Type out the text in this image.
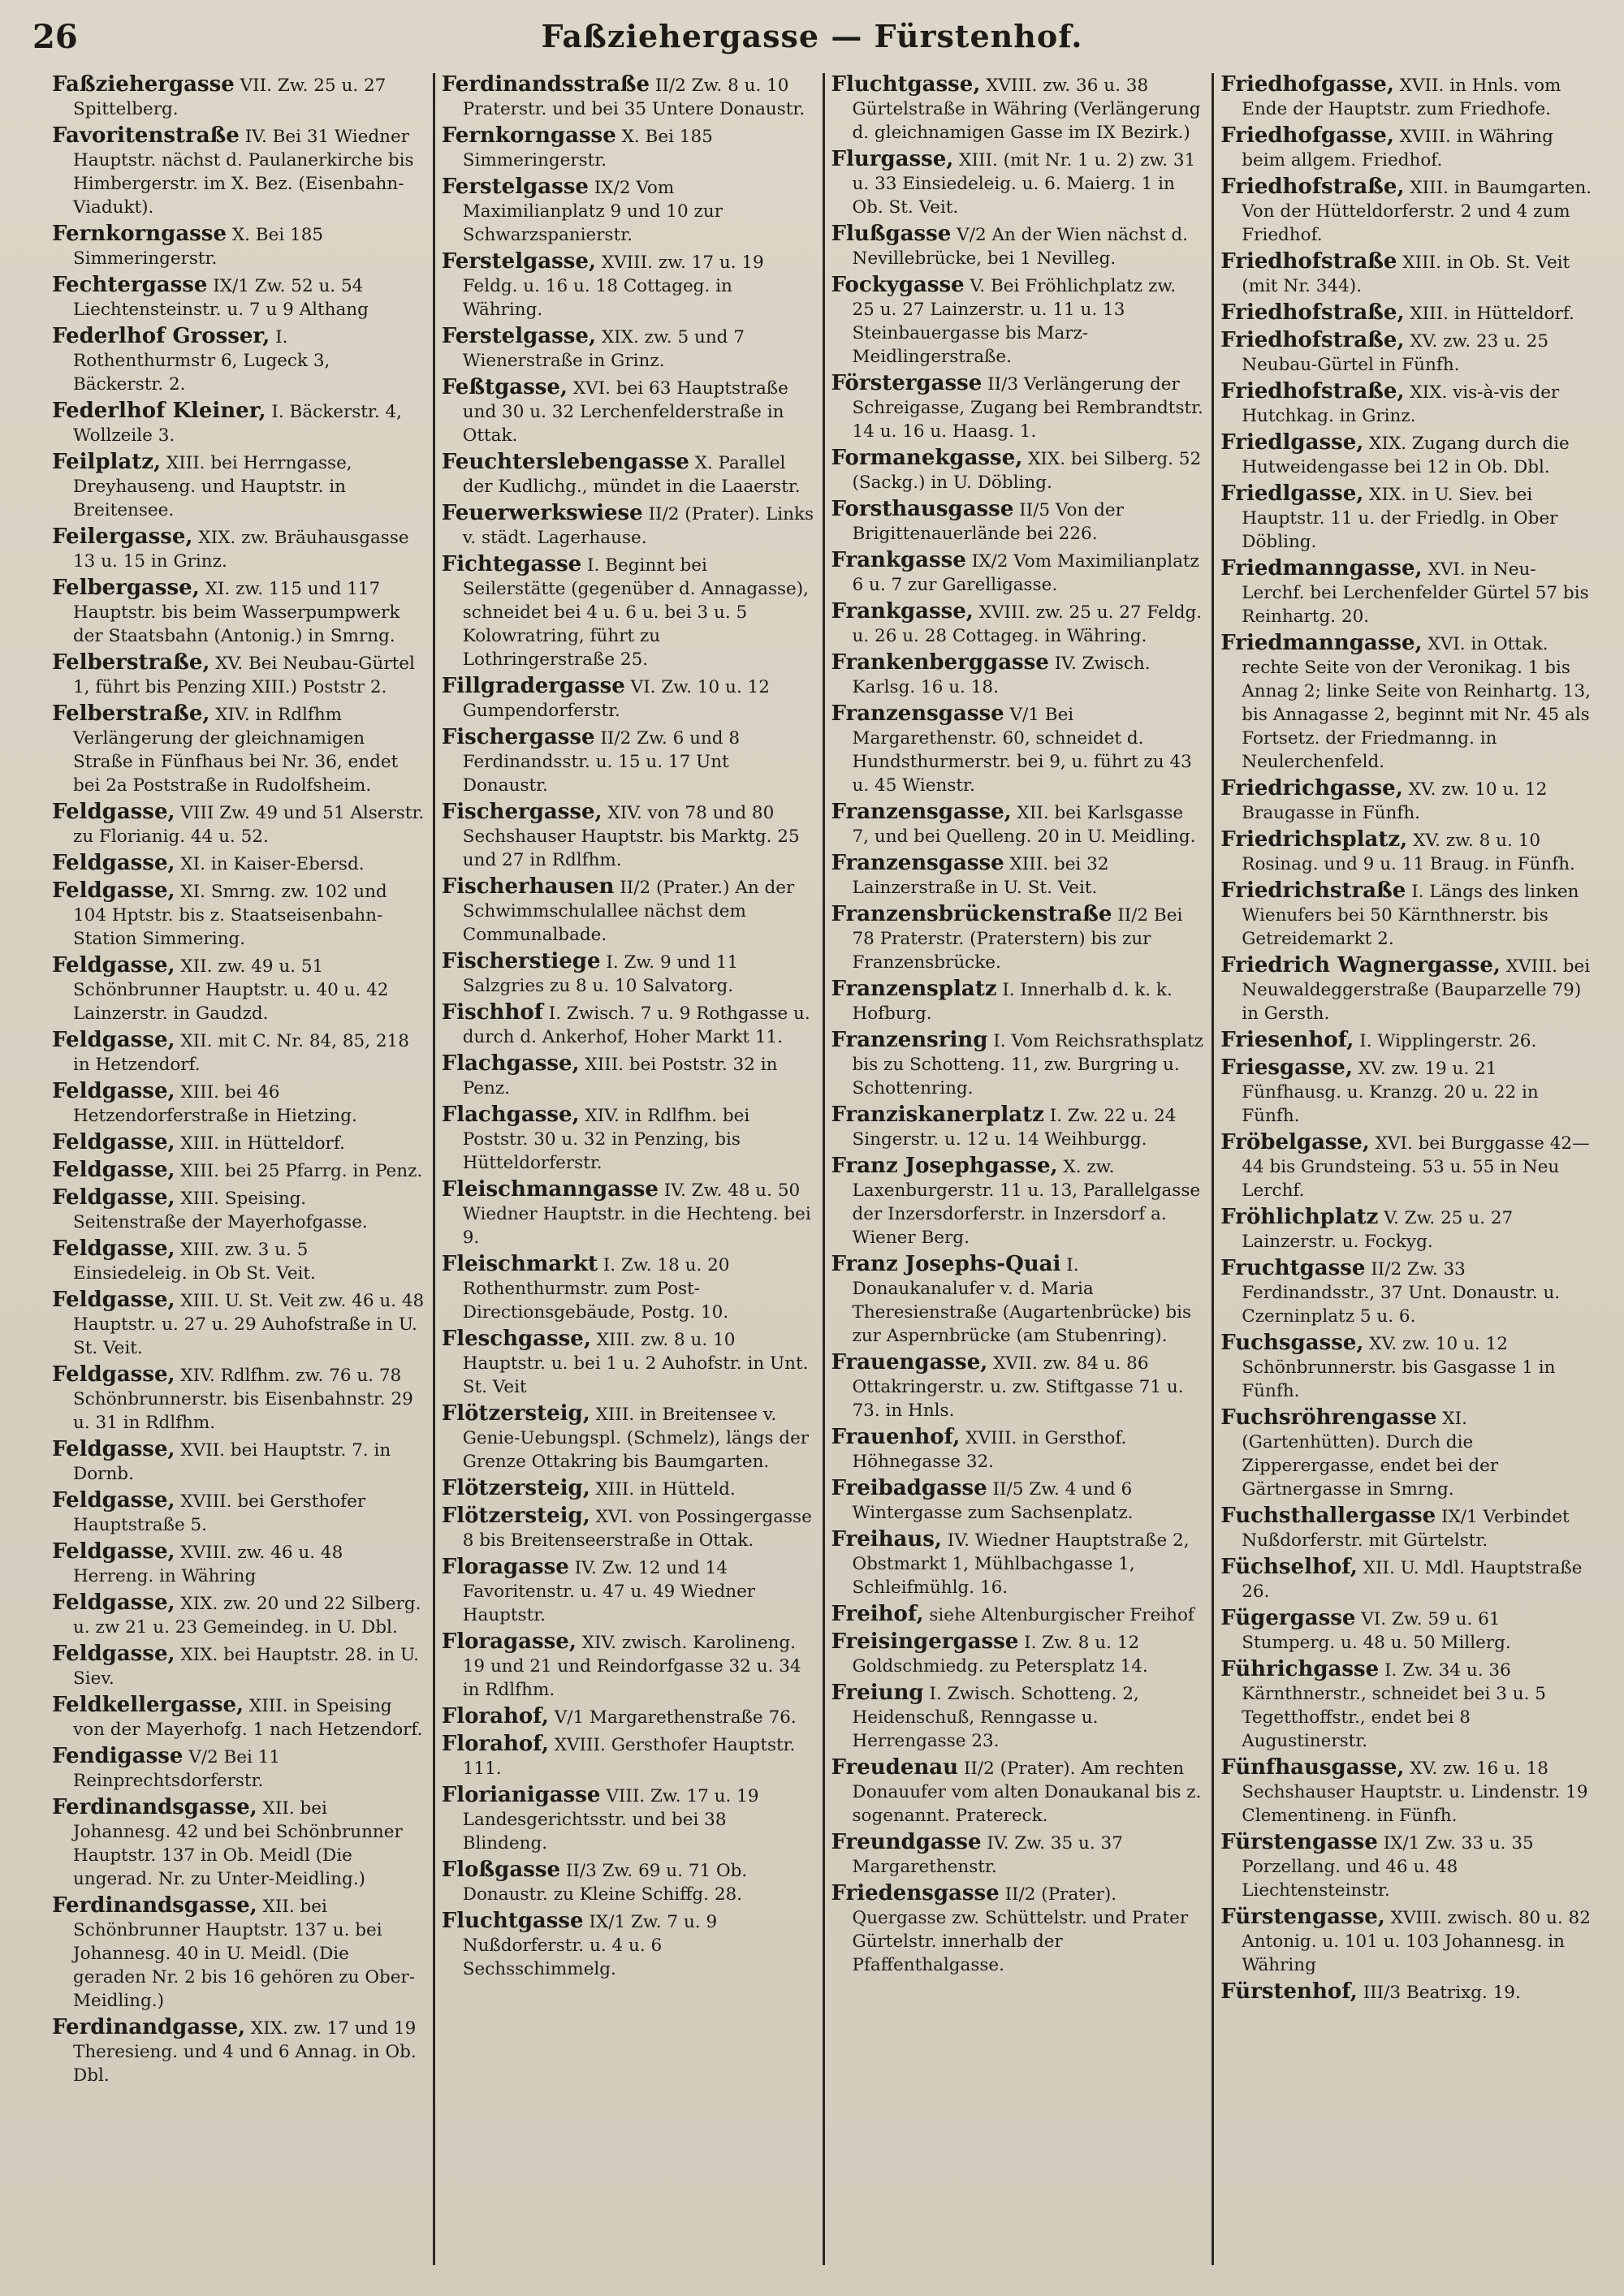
26	Faßziehergasse — Fürstenhof.
Faßziehergasse VII. Zw. 25 u. 27 Spittelberg.
Favoritenstraße IV. Bei 31 Wiedner Hauptstr. nächst d. Paulanerkirche bis Himbergerstr. im X. Bez. (Eisenbahn-Viadukt).
Fernkorngasse X. Bei 185 Simmeringerstr.
Fechtergasse IX/1 Zw. 52 u. 54 Liechtensteinstr. u. 7 u 9 Althang
Federlhof Grosser, I. Rothenthurmstr 6, Lugeck 3, Bäckerstr. 2.
Federlhof Kleiner, I. Bäckerstr. 4, Wollzeile 3.
Feilplatz, XIII. bei Herrngasse, Dreyhauseng. und Hauptstr. in Breitensee.
Feilergasse, XIX. zw. Bräuhausgasse 13 u. 15 in Grinz.
Felbergasse, XI. zw. 115 und 117 Hauptstr. bis beim Wasserpumpwerk der Staatsbahn (Antonig.) in Smrng.
Felberstraße, XV. Bei Neubau-Gürtel 1, führt bis Penzing XIII.) Poststr 2.
Felberstraße, XIV. in Rdlfhm Verlängerung der gleichnamigen Straße in Fünfhaus bei Nr. 36, endet bei 2a Poststraße in Rudolfsheim.
Feldgasse, VIII Zw. 49 und 51 Alserstr. zu Florianig. 44 u. 52.
Feldgasse, XI. in Kaiser-Ebersd.
Feldgasse, XI. Smrng. zw. 102 und 104 Hptstr. bis z. Staatseisenbahn-Station Simmering.
Feldgasse, XII. zw. 49 u. 51 Schönbrunner Hauptstr. u. 40 u. 42 Lainzerstr. in Gaudzd.
Feldgasse, XII. mit C. Nr. 84, 85, 218 in Hetzendorf.
Feldgasse, XIII. bei 46 Hetzendorferstraße in Hietzing.
Feldgasse, XIII. in Hütteldorf.
Feldgasse, XIII. bei 25 Pfarrg. in Penz.
Feldgasse, XIII. Speising. Seitenstraße der Mayerhofgasse.
Feldgasse, XIII. zw. 3 u. 5 Einsiedeleig. in Ob St. Veit.
Feldgasse, XIII. U. St. Veit zw. 46 u. 48 Hauptstr. u. 27 u. 29 Auhofstraße in U. St. Veit.
Feldgasse, XIV. Rdlfhm. zw. 76 u. 78 Schönbrunnerstr. bis Eisenbahnstr. 29 u. 31 in Rdlfhm.
Feldgasse, XVII. bei Hauptstr. 7. in Dornb.
Feldgasse, XVIII. bei Gersthofer Hauptstraße 5.
Feldgasse, XVIII. zw. 46 u. 48 Herreng. in Währing
Feldgasse, XIX. zw. 20 und 22 Silberg. u. zw 21 u. 23 Gemeindeg. in U. Dbl.
Feldgasse, XIX. bei Hauptstr. 28. in U. Siev.
Feldkellergasse, XIII. in Speising von der Mayerhofg. 1 nach Hetzendorf.
Fendigasse V/2 Bei 11 Reinprechtsdorferstr.
Ferdinandsgasse, XII. bei Johannesg. 42 und bei Schönbrunner Hauptstr. 137 in Ob. Meidl (Die ungerad. Nr. zu Unter-Meidling.)
Ferdinandsgasse, XII. bei Schönbrunner Hauptstr. 137 u. bei Johannesg. 40 in U. Meidl. (Die geraden Nr. 2 bis 16 gehören zu Ober-Meidling.)
Ferdinandgasse, XIX. zw. 17 und 19 Theresieng. und 4 und 6 Annag. in Ob. Dbl.
Ferdinandsstraße II/2 Zw. 8 u. 10 Praterstr. und bei 35 Untere Donaustr.
Fernkorngasse X. Bei 185 Simmeringerstr.
Ferstelgasse IX/2 Vom Maximilianplatz 9 und 10 zur Schwarzspanierstr.
Ferstelgasse, XVIII. zw. 17 u. 19 Feldg. u. 16 u. 18 Cottageg. in Währing.
Ferstelgasse, XIX. zw. 5 und 7 Wienerstraße in Grinz.
Feßtgasse, XVI. bei 63 Hauptstraße und 30 u. 32 Lerchenfelderstraße in Ottak.
Feuchterslebengasse X. Parallel der Kudlichg., mündet in die Laaerstr.
Feuerwerkswiese II/2 (Prater). Links v. städt. Lagerhause.
Fichtegasse I. Beginnt bei Seilerstätte (gegenüber d. Annagasse), schneidet bei 4 u. 6 u. bei 3 u. 5 Kolowratring, führt zu Lothringerstraße 25.
Fillgradergasse VI. Zw. 10 u. 12 Gumpendorferstr.
Fischergasse II/2 Zw. 6 und 8 Ferdinandsstr. u. 15 u. 17 Unt Donaustr.
Fischergasse, XIV. von 78 und 80 Sechshauser Hauptstr. bis Marktg. 25 und 27 in Rdlfhm.
Fischerhausen II/2 (Prater.) An der Schwimmschulallee nächst dem Communalbade.
Fischerstiege I. Zw. 9 und 11 Salzgries zu 8 u. 10 Salvatorg.
Fischhof I. Zwisch. 7 u. 9 Rothgasse u. durch d. Ankerhof, Hoher Markt 11.
Flachgasse, XIII. bei Poststr. 32 in Penz.
Flachgasse, XIV. in Rdlfhm. bei Poststr. 30 u. 32 in Penzing, bis Hütteldorferstr.
Fleischmanngasse IV. Zw. 48 u. 50 Wiedner Hauptstr. in die Hechteng. bei 9.
Fleischmarkt I. Zw. 18 u. 20 Rothenthurmstr. zum Post-Directionsgebäude, Postg. 10.
Fleschgasse, XIII. zw. 8 u. 10 Hauptstr. u. bei 1 u. 2 Auhofstr. in Unt. St. Veit
Flötzersteig, XIII. in Breitensee v. Genie-Uebungspl. (Schmelz), längs der Grenze Ottakring bis Baumgarten.
Flötzersteig, XIII. in Hütteld.
Flötzersteig, XVI. von Possingergasse 8 bis Breitenseerstraße in Ottak.
Floragasse IV. Zw. 12 und 14 Favoritenstr. u. 47 u. 49 Wiedner Hauptstr.
Floragasse, XIV. zwisch. Karolineng. 19 und 21 und Reindorfgasse 32 u. 34 in Rdlfhm.
Florahof, V/1 Margarethenstraße 76.
Florahof, XVIII. Gersthofer Hauptstr. 111.
Florianigasse VIII. Zw. 17 u. 19 Landesgerichtsstr. und bei 38 Blindeng.
Floßgasse II/3 Zw. 69 u. 71 Ob. Donaustr. zu Kleine Schiffg. 28.
Fluchtgasse IX/1 Zw. 7 u. 9 Nußdorferstr. u. 4 u. 6 Sechsschimmelg.
Fluchtgasse, XVIII. zw. 36 u. 38 Gürtelstraße in Währing (Verlängerung d. gleichnamigen Gasse im IX Bezirk.)
Flurgasse, XIII. (mit Nr. 1 u. 2) zw. 31 u. 33 Einsiedeleig. u. 6. Maierg. 1 in Ob. St. Veit.
Flußgasse V/2 An der Wien nächst d. Nevillebrücke, bei 1 Nevilleg.
Fockygasse V. Bei Fröhlichplatz zw. 25 u. 27 Lainzerstr. u. 11 u. 13 Steinbauergasse bis Marz-Meidlingerstraße.
Förstergasse II/3 Verlängerung der Schreigasse, Zugang bei Rembrandtstr. 14 u. 16 u. Haasg. 1.
Formanekgasse, XIX. bei Silberg. 52 (Sackg.) in U. Döbling.
Forsthausgasse II/5 Von der Brigittenauerlände bei 226.
Frankgasse IX/2 Vom Maximilianplatz 6 u. 7 zur Garelligasse.
Frankgasse, XVIII. zw. 25 u. 27 Feldg. u. 26 u. 28 Cottageg. in Währing.
Frankenberggasse IV. Zwisch. Karlsg. 16 u. 18.
Franzensgasse V/1 Bei Margarethenstr. 60, schneidet d. Hundsthurmerstr. bei 9, u. führt zu 43 u. 45 Wienstr.
Franzensgasse, XII. bei Karlsgasse 7, und bei Quelleng. 20 in U. Meidling.
Franzensgasse XIII. bei 32 Lainzerstraße in U. St. Veit.
Franzensbrückenstraße II/2 Bei 78 Praterstr. (Praterstern) bis zur Franzensbrücke.
Franzensplatz I. Innerhalb d. k. k. Hofburg.
Franzensring I. Vom Reichsrathsplatz bis zu Schotteng. 11, zw. Burgring u. Schottenring.
Franziskanerplatz I. Zw. 22 u. 24 Singerstr. u. 12 u. 14 Weihburgg.
Franz Josephgasse, X. zw. Laxenburgerstr. 11 u. 13, Parallelgasse der Inzersdorferstr. in Inzersdorf a. Wiener Berg.
Franz Josephs-Quai I. Donaukanalufer v. d. Maria Theresienstraße (Augartenbrücke) bis zur Aspernbrücke (am Stubenring).
Frauengasse, XVII. zw. 84 u. 86 Ottakringerstr. u. zw. Stiftgasse 71 u. 73. in Hnls.
Frauenhof, XVIII. in Gersthof. Höhnegasse 32.
Freibadgasse II/5 Zw. 4 und 6 Wintergasse zum Sachsenplatz.
Freihaus, IV. Wiedner Hauptstraße 2, Obstmarkt 1, Mühlbachgasse 1, Schleifmühlg. 16.
Freihof, siehe Altenburgischer Freihof
Freisingergasse I. Zw. 8 u. 12 Goldschmiedg. zu Petersplatz 14.
Freiung I. Zwisch. Schotteng. 2, Heidenschuß, Renngasse u. Herrengasse 23.
Freudenau II/2 (Prater). Am rechten Donauufer vom alten Donaukanal bis z. sogenannt. Pratereck.
Freundgasse IV. Zw. 35 u. 37 Margarethenstr.
Friedensgasse II/2 (Prater). Quergasse zw. Schüttelstr. und Prater Gürtelstr. innerhalb der Pfaffenthalgasse.
Friedhofgasse, XVII. in Hnls. vom Ende der Hauptstr. zum Friedhofe.
Friedhofgasse, XVIII. in Währing beim allgem. Friedhof.
Friedhofstraße, XIII. in Baumgarten. Von der Hütteldorferstr. 2 und 4 zum Friedhof.
Friedhofstraße XIII. in Ob. St. Veit (mit Nr. 344).
Friedhofstraße, XIII. in Hütteldorf.
Friedhofstraße, XV. zw. 23 u. 25 Neubau-Gürtel in Fünfh.
Friedhofstraße, XIX. vis-à-vis der Hutchkag. in Grinz.
Friedlgasse, XIX. Zugang durch die Hutweidengasse bei 12 in Ob. Dbl.
Friedlgasse, XIX. in U. Siev. bei Hauptstr. 11 u. der Friedlg. in Ober Döbling.
Friedmanngasse, XVI. in Neu-Lerchf. bei Lerchenfelder Gürtel 57 bis Reinhartg. 20.
Friedmanngasse, XVI. in Ottak. rechte Seite von der Veronikag. 1 bis Annag 2; linke Seite von Reinhartg. 13, bis Annagasse 2, beginnt mit Nr. 45 als Fortsetz. der Friedmanng. in Neulerchenfeld.
Friedrichgasse, XV. zw. 10 u. 12 Braugasse in Fünfh.
Friedrichsplatz, XV. zw. 8 u. 10 Rosinag. und 9 u. 11 Braug. in Fünfh.
Friedrichstraße I. Längs des linken Wienufers bei 50 Kärnthnerstr. bis Getreidemarkt 2.
Friedrich Wagnergasse, XVIII. bei Neuwaldeggerstraße (Bauparzelle 79) in Gersth.
Friesenhof, I. Wipplingerstr. 26.
Friesgasse, XV. zw. 19 u. 21 Fünfhausg. u. Kranzg. 20 u. 22 in Fünfh.
Fröbelgasse, XVI. bei Burggasse 42—44 bis Grundsteing. 53 u. 55 in Neu Lerchf.
Fröhlichplatz V. Zw. 25 u. 27 Lainzerstr. u. Fockyg.
Fruchtgasse II/2 Zw. 33 Ferdinandsstr., 37 Unt. Donaustr. u. Czerninplatz 5 u. 6.
Fuchsgasse, XV. zw. 10 u. 12 Schönbrunnerstr. bis Gasgasse 1 in Fünfh.
Fuchsröhrengasse XI. (Gartenhütten). Durch die Zipperergasse, endet bei der Gärtnergasse in Smrng.
Fuchsthallergasse IX/1 Verbindet Nußdorferstr. mit Gürtelstr.
Füchselhof, XII. U. Mdl. Hauptstraße 26.
Fügergasse VI. Zw. 59 u. 61 Stumperg. u. 48 u. 50 Millerg.
Führichgasse I. Zw. 34 u. 36 Kärnthnerstr., schneidet bei 3 u. 5 Tegetthoffstr., endet bei 8 Augustinerstr.
Fünfhausgasse, XV. zw. 16 u. 18 Sechshauser Hauptstr. u. Lindenstr. 19 Clementineng. in Fünfh.
Fürstengasse IX/1 Zw. 33 u. 35 Porzellang. und 46 u. 48 Liechtensteinstr.
Fürstengasse, XVIII. zwisch. 80 u. 82 Antonig. u. 101 u. 103 Johannesg. in Währing
Fürstenhof, III/3 Beatrixg. 19.
